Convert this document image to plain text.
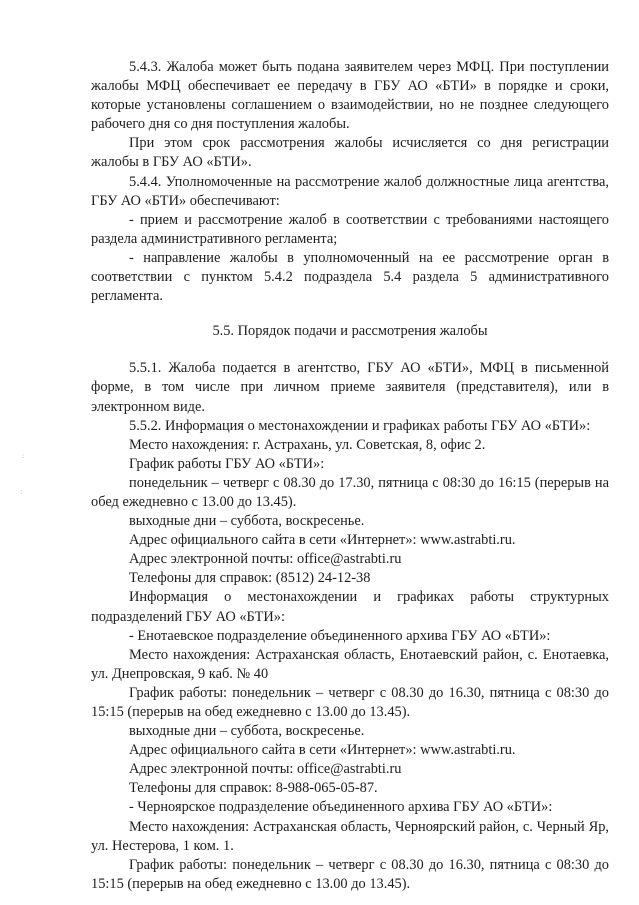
:
:

5.4.3. Жалоба может быть подана заявителем через МФЦ. При поступлении жалобы МФЦ обеспечивает ее передачу в ГБУ АО «БТИ» в порядке и сроки, которые установлены соглашением о взаимодействии, но не позднее следующего рабочего дня со дня поступления жалобы.

При этом срок рассмотрения жалобы исчисляется со дня регистрации жалобы в ГБУ АО «БТИ».

5.4.4. Уполномоченные на рассмотрение жалоб должностные лица агентства, ГБУ АО «БТИ» обеспечивают:

- прием и рассмотрение жалоб в соответствии с требованиями настоящего раздела административного регламента;

- направление жалобы в уполномоченный на ее рассмотрение орган в соответствии с пунктом 5.4.2 подраздела 5.4 раздела 5 административного регламента.

5.5. Порядок подачи и рассмотрения жалобы

5.5.1. Жалоба подается в агентство, ГБУ АО «БТИ», МФЦ в письменной форме, в том числе при личном приеме заявителя (представителя), или в электронном виде.

5.5.2. Информация о местонахождении и графиках работы ГБУ АО «БТИ»:

Место нахождения: г. Астрахань, ул. Советская, 8, офис 2.

График работы ГБУ АО «БТИ»:

понедельник – четверг с 08.30 до 17.30, пятница с 08:30 до 16:15 (перерыв на обед ежедневно с 13.00 до 13.45).

выходные дни – суббота, воскресенье.

Адрес официального сайта в сети «Интернет»: www.astrabti.ru.

Адрес электронной почты: office@astrabti.ru

Телефоны для справок: (8512) 24-12-38

Информация о местонахождении и графиках работы структурных подразделений ГБУ АО «БТИ»:

- Енотаевское подразделение объединенного архива ГБУ АО «БТИ»:

Место нахождения: Астраханская область, Енотаевский район, с. Енотаевка, ул. Днепровская, 9 каб. № 40

График работы: понедельник – четверг с 08.30 до 16.30, пятница с 08:30 до 15:15 (перерыв на обед ежедневно с 13.00 до 13.45).

выходные дни – суббота, воскресенье.

Адрес официального сайта в сети «Интернет»: www.astrabti.ru.

Адрес электронной почты: office@astrabti.ru

Телефоны для справок: 8-988-065-05-87.

- Черноярское подразделение объединенного архива ГБУ АО «БТИ»:

Место нахождения: Астраханская область, Черноярский район, с. Черный Яр, ул. Нестерова, 1 ком. 1.

График работы: понедельник – четверг с 08.30 до 16.30, пятница с 08:30 до 15:15 (перерыв на обед ежедневно с 13.00 до 13.45).
